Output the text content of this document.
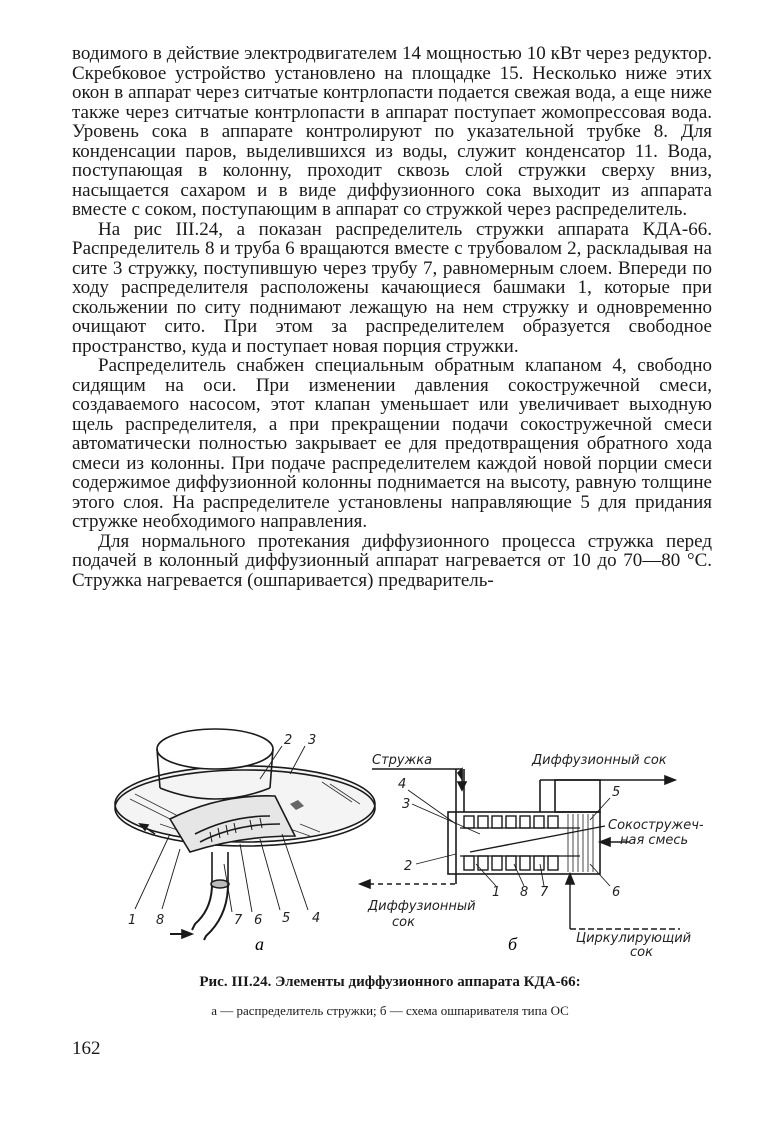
водимого в действие электродвигателем 14 мощностью 10 кВт через редуктор. Скребковое устройство установлено на площадке 15. Несколько ниже этих окон в аппарат через ситчатые контрлопасти подается свежая вода, а еще ниже также через ситчатые контрлопасти в аппарат поступает жомопрессовая вода. Уровень сока в аппарате контролируют по указательной трубке 8. Для конденсации паров, выделившихся из воды, служит конденсатор 11. Вода, поступающая в колонну, проходит сквозь слой стружки сверху вниз, насыщается сахаром и в виде диффузионного сока выходит из аппарата вместе с соком, поступающим в аппарат со стружкой через распределитель.

На рис III.24, а показан распределитель стружки аппарата КДА-66. Распределитель 8 и труба 6 вращаются вместе с трубовалом 2, раскладывая на сите 3 стружку, поступившую через трубу 7, равномерным слоем. Впереди по ходу распределителя расположены качающиеся башмаки 1, которые при скольжении по ситу поднимают лежащую на нем стружку и одновременно очищают сито. При этом за распределителем образуется свободное пространство, куда и поступает новая порция стружки.

Распределитель снабжен специальным обратным клапаном 4, свободно сидящим на оси. При изменении давления сокостружечной смеси, создаваемого насосом, этот клапан уменьшает или увеличивает выходную щель распределителя, а при прекращении подачи сокостружечной смеси автоматически полностью закрывает ее для предотвращения обратного хода смеси из колонны. При подаче распределителем каждой новой порции смеси содержимое диффузионной колонны поднимается на высоту, равную толщине этого слоя. На распределителе установлены направляющие 5 для придания стружке необходимого направления.

Для нормального протекания диффузионного процесса стружка перед подачей в колонный диффузионный аппарат нагревается от 10 до 70—80 °С. Стружка нагревается (ошпаривается) предваритель-

2 3
1 8	7 6 5 4
а
Стружка	Диффузионный сок
Сокостружеч-
ная смесь
Диффузионный
сок
Циркулирующий
сок
4
3
5
2
1 8 7	6
б
Рис. III.24. Элементы диффузионного аппарата КДА-66:
а — распределитель стружки; б — схема ошпаривателя типа ОС
162
